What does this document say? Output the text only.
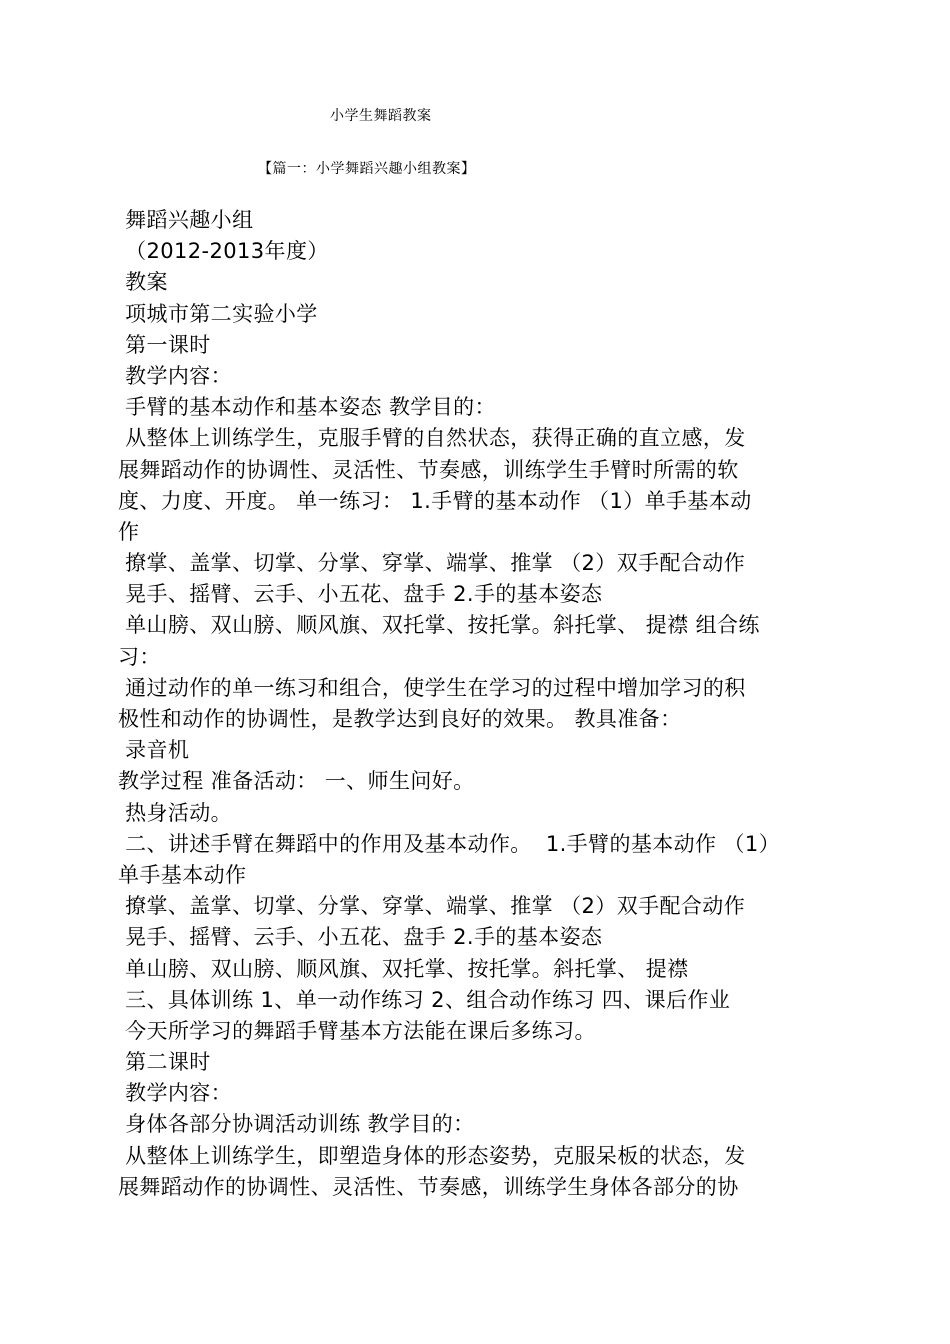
小学生舞蹈教案
【篇一：小学舞蹈兴趣小组教案】
舞蹈兴趣小组
（2012-2013年度）
教案
项城市第二实验小学
第一课时
教学内容：
手臂的基本动作和基本姿态 教学目的：
从整体上训练学生，克服手臂的自然状态，获得正确的直立感，发
展舞蹈动作的协调性、灵活性、节奏感，训练学生手臂时所需的软
度、力度、开度。 单一练习： 1.手臂的基本动作 （1）单手基本动
作
撩掌、盖掌、切掌、分掌、穿掌、端掌、推掌 （2）双手配合动作
晃手、摇臂、云手、小五花、盘手 2.手的基本姿态
单山膀、双山膀、顺风旗、双托掌、按托掌。斜托掌、 提襟 组合练
习：
通过动作的单一练习和组合，使学生在学习的过程中增加学习的积
极性和动作的协调性，是教学达到良好的效果。 教具准备：
录音机
教学过程 准备活动： 一、师生问好。
热身活动。
二、讲述手臂在舞蹈中的作用及基本动作。  1.手臂的基本动作 （1）
单手基本动作
撩掌、盖掌、切掌、分掌、穿掌、端掌、推掌 （2）双手配合动作
晃手、摇臂、云手、小五花、盘手 2.手的基本姿态
单山膀、双山膀、顺风旗、双托掌、按托掌。斜托掌、 提襟
三、具体训练 1、单一动作练习 2、组合动作练习 四、课后作业
今天所学习的舞蹈手臂基本方法能在课后多练习。
第二课时
教学内容：
身体各部分协调活动训练 教学目的：
从整体上训练学生，即塑造身体的形态姿势，克服呆板的状态，发
展舞蹈动作的协调性、灵活性、节奏感，训练学生身体各部分的协
